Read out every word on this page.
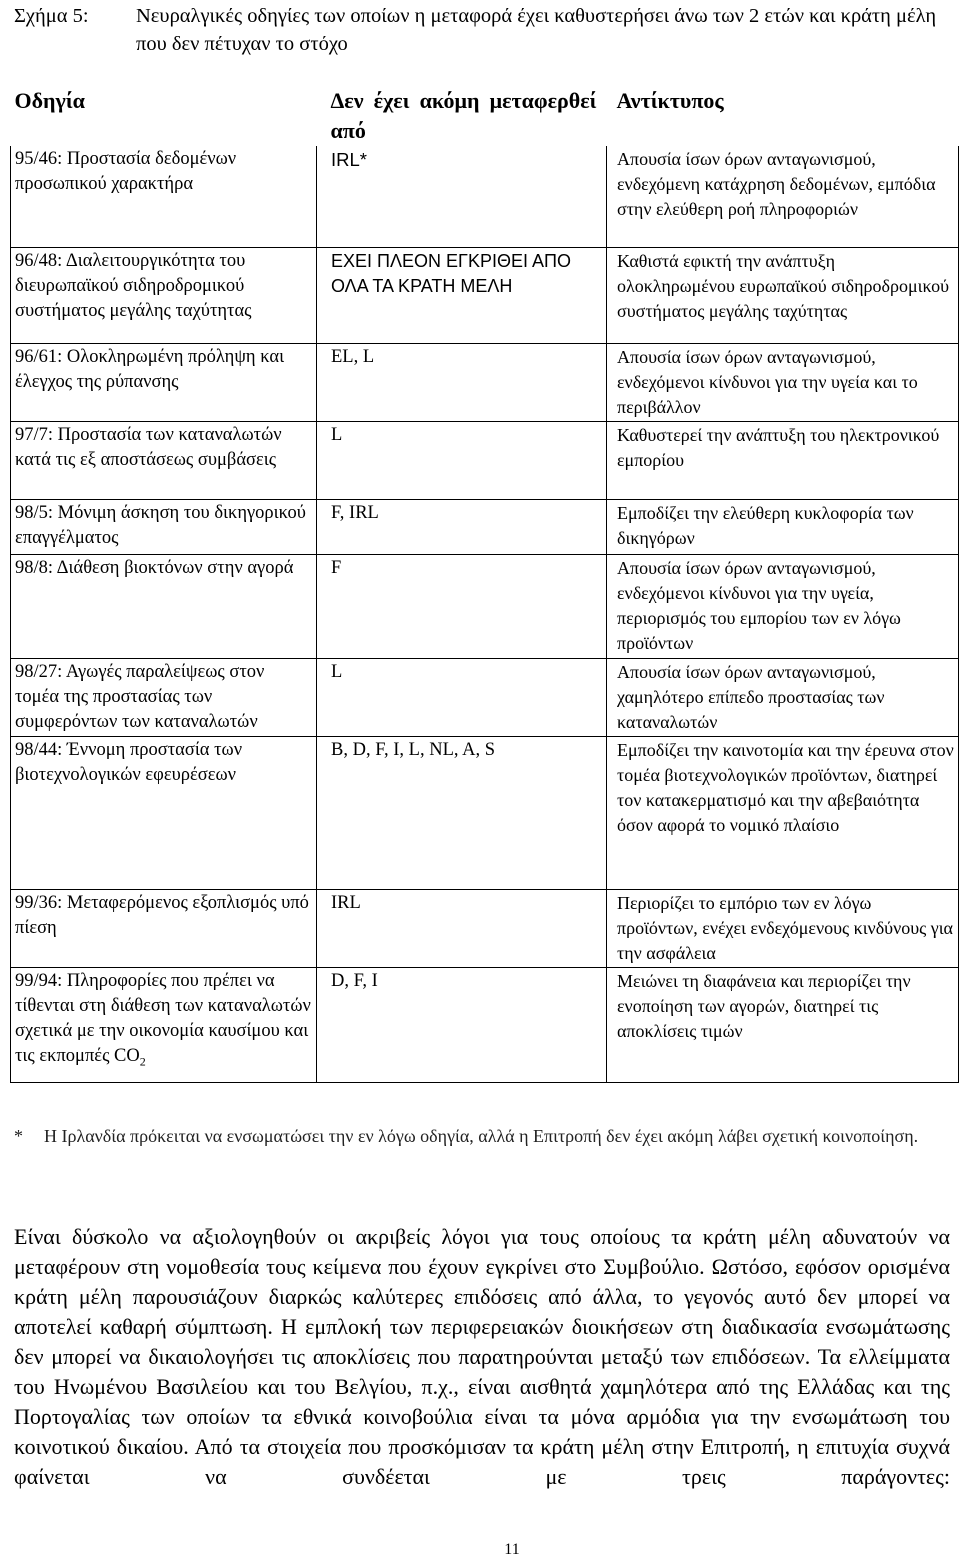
Σχήμα 5: Νευραλγικές οδηγίες των οποίων η μεταφορά έχει καθυστερήσει άνω των 2 ετών και κράτη μέλη που δεν πέτυχαν το στόχο
Οδηγία	Δεν έχει ακόμη μεταφερθεί από	Αντίκτυπος
95/46: Προστασία δεδομένων προσωπικού χαρακτήρα	IRL*	Απουσία ίσων όρων ανταγωνισμού, ενδεχόμενη κατάχρηση δεδομένων, εμπόδια στην ελεύθερη ροή πληροφοριών
96/48: Διαλειτουργικότητα του διευρωπαϊκού σιδηροδρομικού συστήματος μεγάλης ταχύτητας	ΕΧΕΙ ΠΛΕΟΝ ΕΓΚΡΙΘΕΙ ΑΠΟ ΟΛΑ ΤΑ ΚΡΑΤΗ ΜΕΛΗ	Καθιστά εφικτή την ανάπτυξη ολοκληρωμένου ευρωπαϊκού σιδηροδρομικού συστήματος μεγάλης ταχύτητας
96/61: Ολοκληρωμένη πρόληψη και έλεγχος της ρύπανσης	EL, L	Απουσία ίσων όρων ανταγωνισμού, ενδεχόμενοι κίνδυνοι για την υγεία και το περιβάλλον
97/7: Προστασία των καταναλωτών κατά τις εξ αποστάσεως συμβάσεις	L	Καθυστερεί την ανάπτυξη του ηλεκτρονικού εμπορίου
98/5: Μόνιμη άσκηση του δικηγορικού επαγγέλματος	F, IRL	Εμποδίζει την ελεύθερη κυκλοφορία των δικηγόρων
98/8: Διάθεση βιοκτόνων στην αγορά	F	Απουσία ίσων όρων ανταγωνισμού, ενδεχόμενοι κίνδυνοι για την υγεία, περιορισμός του εμπορίου των εν λόγω προϊόντων
98/27: Αγωγές παραλείψεως στον τομέα της προστασίας των συμφερόντων των καταναλωτών	L	Απουσία ίσων όρων ανταγωνισμού, χαμηλότερο επίπεδο προστασίας των καταναλωτών
98/44: Έννομη προστασία των βιοτεχνολογικών εφευρέσεων	B, D, F, I, L, NL, A, S	Εμποδίζει την καινοτομία και την έρευνα στον τομέα βιοτεχνολογικών προϊόντων, διατηρεί τον κατακερματισμό και την αβεβαιότητα όσον αφορά το νομικό πλαίσιο
99/36: Μεταφερόμενος εξοπλισμός υπό πίεση	IRL	Περιορίζει το εμπόριο των εν λόγω προϊόντων, ενέχει ενδεχόμενους κινδύνους για την ασφάλεια
99/94: Πληροφορίες που πρέπει να τίθενται στη διάθεση των καταναλωτών σχετικά με την οικονομία καυσίμου και τις εκπομπές $CO_2$	D, F, I	Μειώνει τη διαφάνεια και περιορίζει την ενοποίηση των αγορών, διατηρεί τις αποκλίσεις τιμών
* Η Ιρλανδία πρόκειται να ενσωματώσει την εν λόγω οδηγία, αλλά η Επιτροπή δεν έχει ακόμη λάβει σχετική κοινοποίηση.
Είναι δύσκολο να αξιολογηθούν οι ακριβείς λόγοι για τους οποίους τα κράτη μέλη αδυνατούν να μεταφέρουν στη νομοθεσία τους κείμενα που έχουν εγκρίνει στο Συμβούλιο. Ωστόσο, εφόσον ορισμένα κράτη μέλη παρουσιάζουν διαρκώς καλύτερες επιδόσεις από άλλα, το γεγονός αυτό δεν μπορεί να αποτελεί καθαρή σύμπτωση. Η εμπλοκή των περιφερειακών διοικήσεων στη διαδικασία ενσωμάτωσης δεν μπορεί να δικαιολογήσει τις αποκλίσεις που παρατηρούνται μεταξύ των επιδόσεων. Τα ελλείμματα του Ηνωμένου Βασιλείου και του Βελγίου, π.χ., είναι αισθητά χαμηλότερα από της Ελλάδας και της Πορτογαλίας των οποίων τα εθνικά κοινοβούλια είναι τα μόνα αρμόδια για την ενσωμάτωση του κοινοτικού δικαίου. Από τα στοιχεία που προσκόμισαν τα κράτη μέλη στην Επιτροπή, η επιτυχία συχνά φαίνεται να συνδέεται με τρεις παράγοντες:
11
